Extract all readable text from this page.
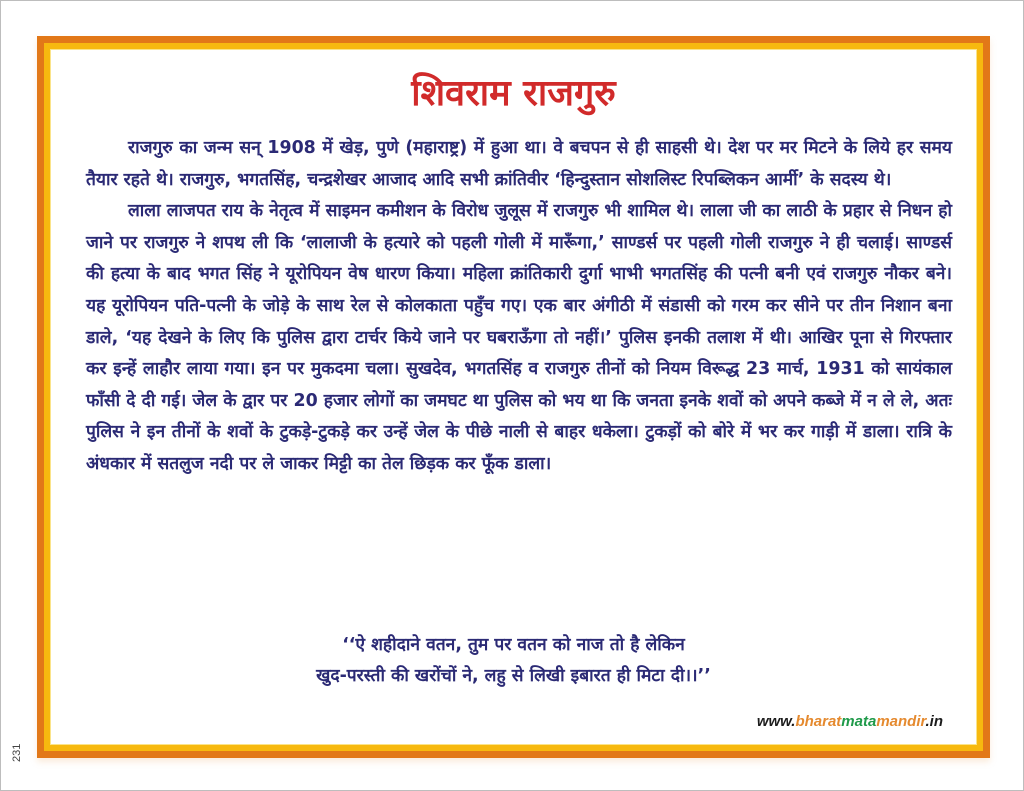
शिवराम राजगुरु

राजगुरु का जन्म सन् 1908 में खेड़, पुणे (महाराष्ट्र) में हुआ था। वे बचपन से ही साहसी थे। देश पर मर मिटने के लिये हर समय तैयार रहते थे। राजगुरु, भगतसिंह, चन्द्रशेखर आजाद आदि सभी क्रांतिवीर ‘हिन्दुस्तान सोशलिस्ट रिपब्लिकन आर्मी’ के सदस्य थे।

लाला लाजपत राय के नेतृत्व में साइमन कमीशन के विरोध जुलूस में राजगुरु भी शामिल थे। लाला जी का लाठी के प्रहार से निधन हो जाने पर राजगुरु ने शपथ ली कि ‘लालाजी के हत्यारे को पहली गोली में मारूँगा,’ साण्डर्स पर पहली गोली राजगुरु ने ही चलाई। साण्डर्स की हत्या के बाद भगत सिंह ने यूरोपियन वेष धारण किया। महिला क्रांतिकारी दुर्गा भाभी भगतसिंह की पत्नी बनी एवं राजगुरु नौकर बने। यह यूरोपियन पति-पत्नी के जोड़े के साथ रेल से कोलकाता पहुँच गए। एक बार अंगीठी में संडासी को गरम कर सीने पर तीन निशान बना डाले, ‘यह देखने के लिए कि पुलिस द्वारा टार्चर किये जाने पर घबराऊँगा तो नहीं।’ पुलिस इनकी तलाश में थी। आखिर पूना से गिरफ्तार कर इन्हें लाहौर लाया गया। इन पर मुकदमा चला। सुखदेव, भगतसिंह व राजगुरु तीनों को नियम विरूद्ध 23 मार्च, 1931 को सायंकाल फाँसी दे दी गई। जेल के द्वार पर 20 हजार लोगों का जमघट था पुलिस को भय था कि जनता इनके शवों को अपने कब्जे में न ले ले, अतः पुलिस ने इन तीनों के शवों के टुकड़े-टुकड़े कर उन्हें जेल के पीछे नाली से बाहर धकेला। टुकड़ों को बोरे में भर कर गाड़ी में डाला। रात्रि के अंधकार में सतलुज नदी पर ले जाकर मिट्टी का तेल छिड़क कर फूँक डाला।

‘‘ऐ शहीदाने वतन, तुम पर वतन को नाज तो है लेकिन
खुद-परस्ती की खरोंचों ने, लहु से लिखी इबारत ही मिटा दी।।’’
www.bharatmatamandir.in
231
